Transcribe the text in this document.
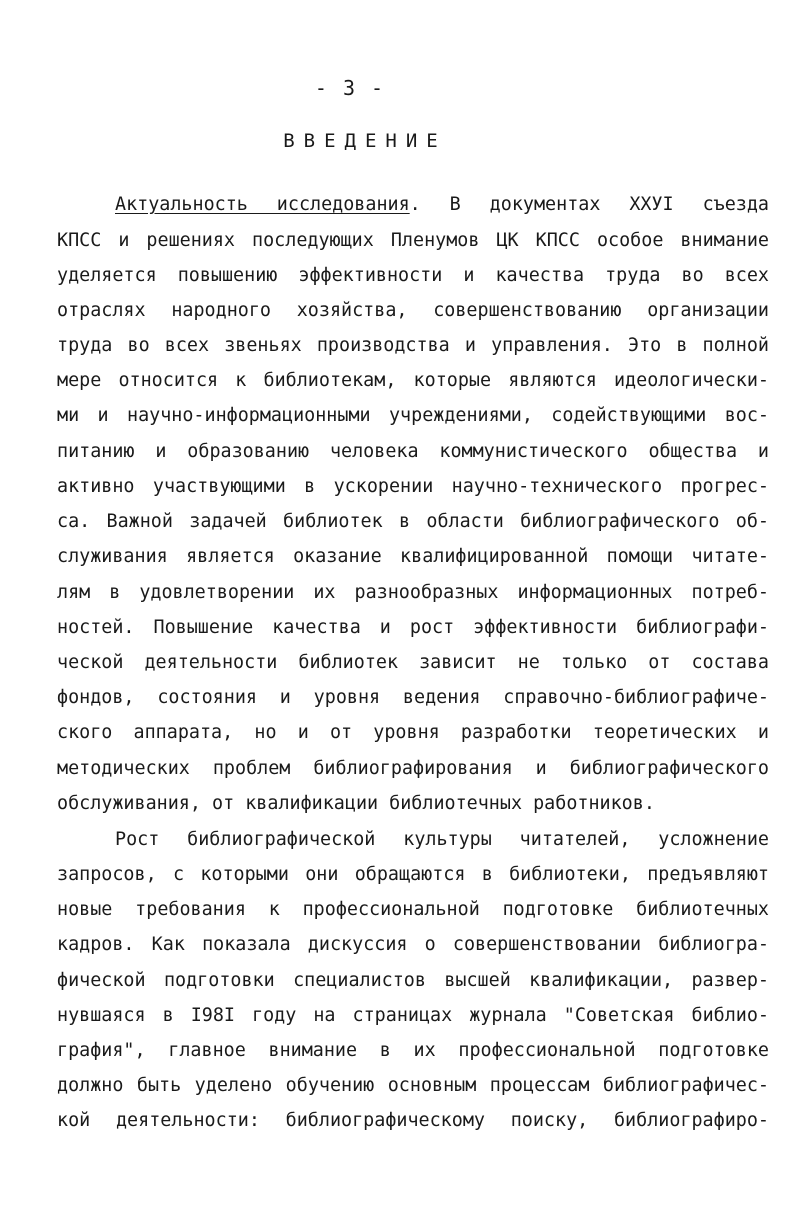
- 3 -
ВВЕДЕНИЕ
Актуальность исследования. В документах XXУI съезда
КПСС и решениях последующих Пленумов ЦК КПСС особое внимание
уделяется повышению эффективности и качества труда во всех
отраслях народного хозяйства, совершенствованию организации
труда во всех звеньях производства и управления. Это в полной
мере относится к библиотекам, которые являются идеологически-
ми и научно-информационными учреждениями, содействующими вос-
питанию и образованию человека коммунистического общества и
активно участвующими в ускорении научно-технического прогрес-
са. Важной задачей библиотек в области библиографического об-
служивания является оказание квалифицированной помощи читате-
лям в удовлетворении их разнообразных информационных потреб-
ностей. Повышение качества и рост эффективности библиографи-
ческой деятельности библиотек зависит не только от состава
фондов, состояния и уровня ведения справочно-библиографиче-
ского аппарата, но и от уровня разработки теоретических и
методических проблем библиографирования и библиографического
обслуживания, от квалификации библиотечных работников.
Рост библиографической культуры читателей, усложнение
запросов, с которыми они обращаются в библиотеки, предъявляют
новые требования к профессиональной подготовке библиотечных
кадров. Как показала дискуссия о совершенствовании библиогра-
фической подготовки специалистов высшей квалификации, развер-
нувшаяся в I98I году на страницах журнала "Советская библио-
графия", главное внимание в их профессиональной подготовке
должно быть уделено обучению основным процессам библиографичес-
кой деятельности: библиографическому поиску, библиографиро-
